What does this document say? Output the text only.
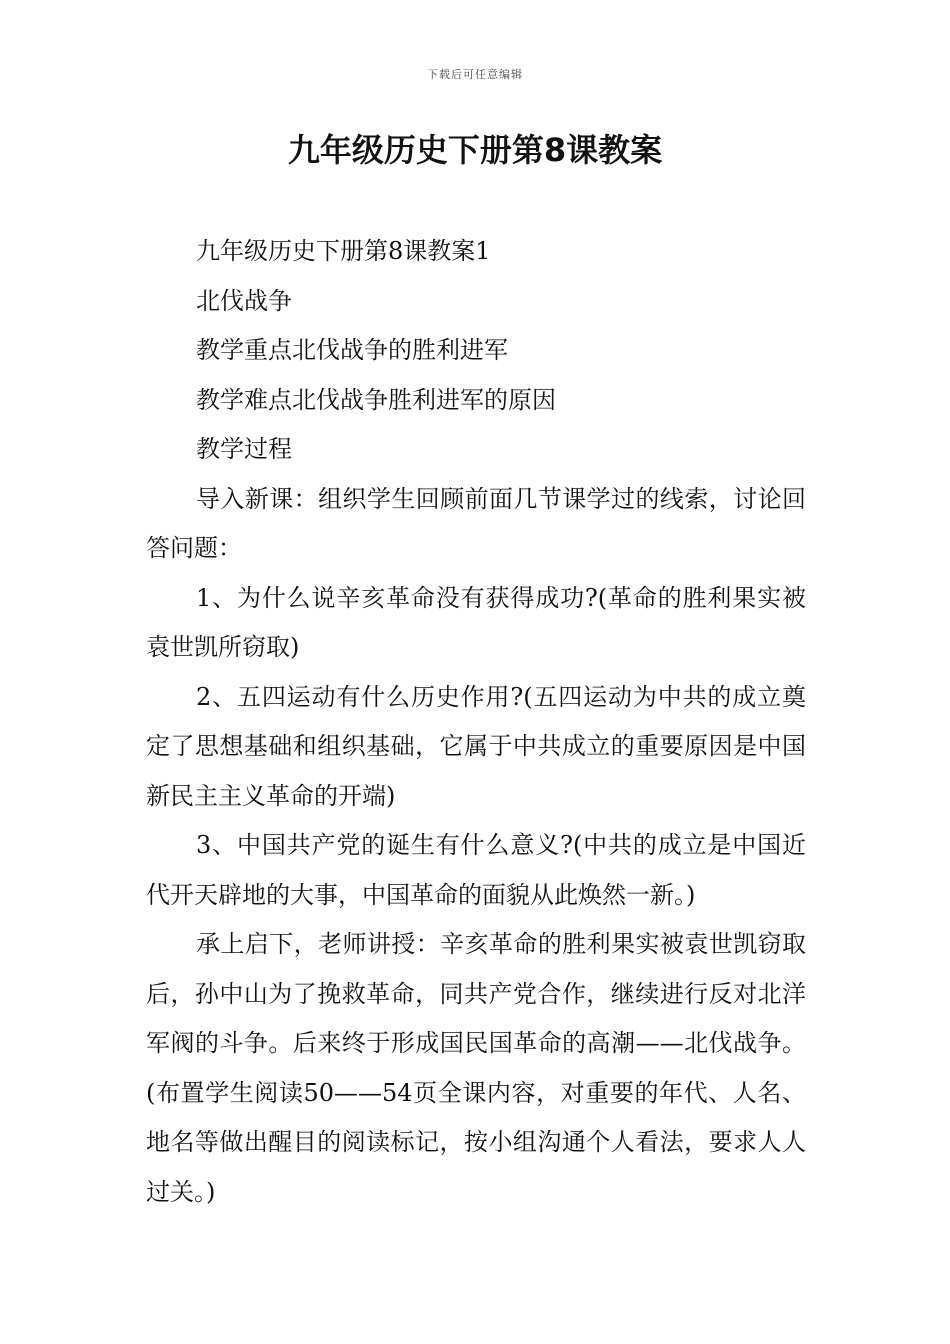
下载后可任意编辑
九年级历史下册第8课教案

九年级历史下册第8课教案1

北伐战争

教学重点北伐战争的胜利进军

教学难点北伐战争胜利进军的原因

教学过程

导入新课：组织学生回顾前面几节课学过的线索，讨论回答问题：

1、为什么说辛亥革命没有获得成功?(革命的胜利果实被袁世凯所窃取)

2、五四运动有什么历史作用?(五四运动为中共的成立奠定了思想基础和组织基础，它属于中共成立的重要原因是中国新民主主义革命的开端)

3、中国共产党的诞生有什么意义?(中共的成立是中国近代开天辟地的大事，中国革命的面貌从此焕然一新。)

承上启下，老师讲授：辛亥革命的胜利果实被袁世凯窃取后，孙中山为了挽救革命，同共产党合作，继续进行反对北洋军阀的斗争。后来终于形成国民国革命的高潮——北伐战争。(布置学生阅读50——54页全课内容，对重要的年代、人名、地名等做出醒目的阅读标记，按小组沟通个人看法，要求人人过关。)
